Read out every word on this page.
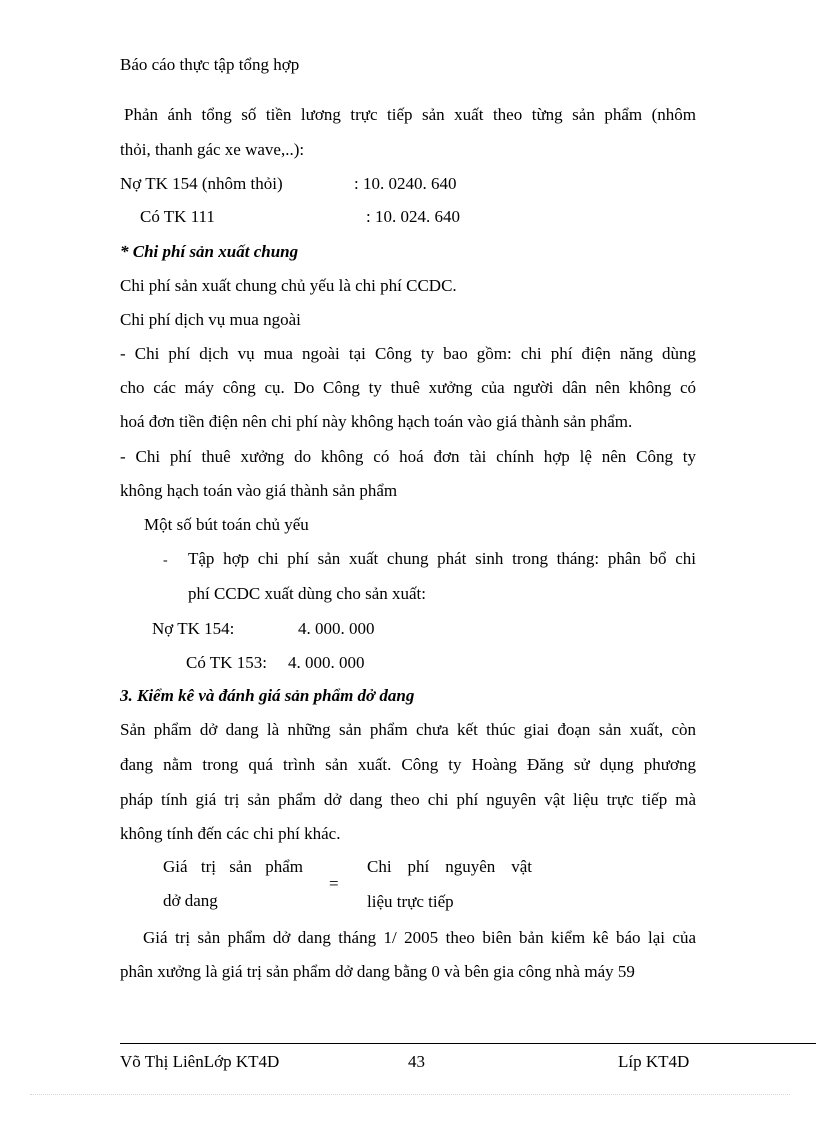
Báo cáo thực tập tổng hợp
Phản ánh tổng số tiền lương trực tiếp sản xuất theo từng sản phẩm (nhôm
thỏi, thanh gác xe wave,..):
Nợ TK 154 (nhôm thỏi)	: 10. 0240. 640
Có TK 111	: 10. 024. 640
* Chi phí sản xuất chung
Chi phí sản xuất chung chủ yếu là chi phí CCDC.
Chi phí dịch vụ mua ngoài
- Chi phí dịch vụ mua ngoài tại Công ty bao gồm: chi phí điện năng dùng
cho các máy công cụ. Do Công ty thuê xưởng của người dân nên không có
hoá đơn tiền điện nên chi phí này không hạch toán vào giá thành sản phẩm.
- Chi phí thuê xưởng do không có hoá đơn tài chính hợp lệ nên Công ty
không hạch toán vào giá thành sản phẩm
Một số bút toán chủ yếu
- Tập hợp chi phí sản xuất chung phát sinh trong tháng: phân bổ chi
phí CCDC xuất dùng cho sản xuất:
Nợ TK 154:	4. 000. 000
Có TK 153: 4. 000. 000
3. Kiểm kê và đánh giá sản phẩm dở dang
Sản phẩm dở dang là những sản phẩm chưa kết thúc giai đoạn sản xuất, còn
đang nằm trong quá trình sản xuất. Công ty Hoàng Đăng sử dụng phương
pháp tính giá trị sản phẩm dở dang theo chi phí nguyên vật liệu trực tiếp mà
không tính đến các chi phí khác.
Giá trị sản phẩm
dở dang
=
Chi phí nguyên vật
liệu trực tiếp
Giá trị sản phẩm dở dang tháng 1/ 2005 theo biên bản kiểm kê báo lại của
phân xưởng là giá trị sản phẩm dở dang bằng 0 và bên gia công nhà máy 59
Võ Thị LiênLớp KT4D	43	Líp KT4D
